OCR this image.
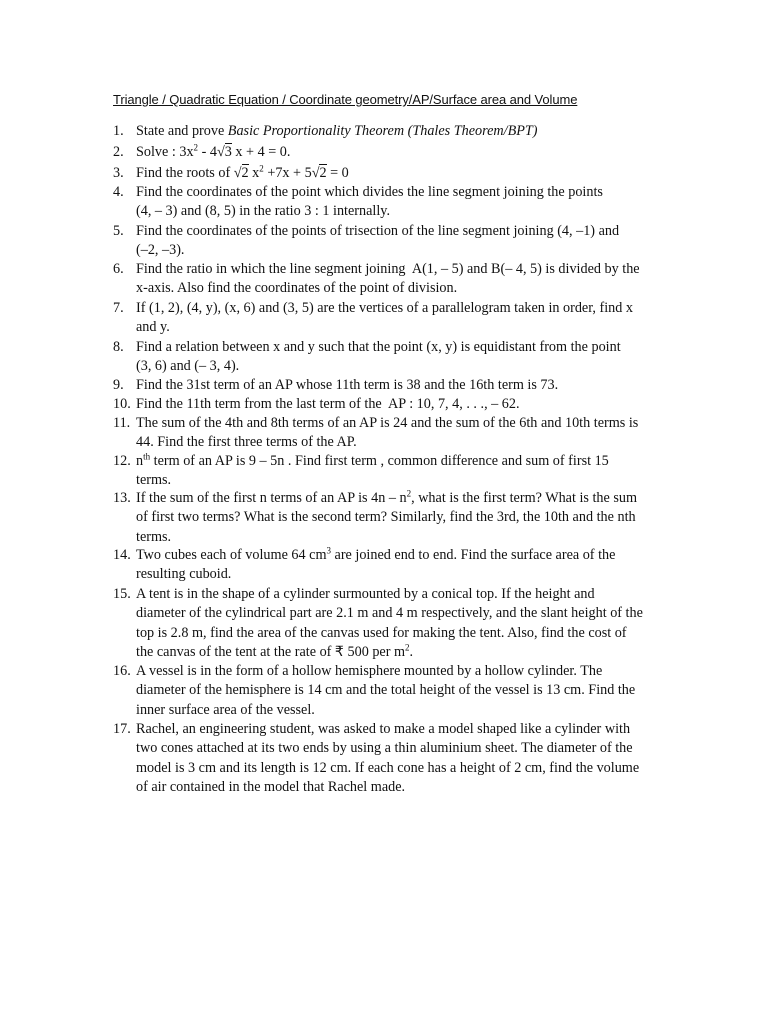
Triangle / Quadratic Equation / Coordinate geometry/AP/Surface area and Volume
1. State and prove Basic Proportionality Theorem (Thales Theorem/BPT)
2. Solve : $3x^2 - 4√3$ x + 4 = 0.
3. Find the roots of √2 $x^2 +7x + 5√2 = 0$
4. Find the coordinates of the point which divides the line segment joining the points
(4, – 3) and (8, 5) in the ratio 3 : 1 internally.
5. Find the coordinates of the points of trisection of the line segment joining (4, –1) and
(–2, –3).
6. Find the ratio in which the line segment joining  A(1, – 5) and B(– 4, 5) is divided by the
x-axis. Also find the coordinates of the point of division.
7. If (1, 2), (4, y), (x, 6) and (3, 5) are the vertices of a parallelogram taken in order, find x
and y.
8. Find a relation between x and y such that the point (x, y) is equidistant from the point
(3, 6) and (– 3, 4).
9. Find the 31st term of an AP whose 11th term is 38 and the 16th term is 73.
10. Find the 11th term from the last term of the  AP : 10, 7, 4, . . ., – 62.
11. The sum of the 4th and 8th terms of an AP is 24 and the sum of the 6th and 10th terms is
44. Find the first three terms of the AP.
12. $n^{th}$ term of an AP is 9 – 5n . Find first term , common difference and sum of first 15
terms.
13. If the sum of the first n terms of an AP is $4n - n^2$, what is the first term? What is the sum
of first two terms? What is the second term? Similarly, find the 3rd, the 10th and the nth
terms.
14. Two cubes each of volume 64 $cm^3$ are joined end to end. Find the surface area of the
resulting cuboid.
15. A tent is in the shape of a cylinder surmounted by a conical top. If the height and
diameter of the cylindrical part are 2.1 m and 4 m respectively, and the slant height of the
top is 2.8 m, find the area of the canvas used for making the tent. Also, find the cost of
the canvas of the tent at the rate of ₹ 500 per $m^2$.
16. A vessel is in the form of a hollow hemisphere mounted by a hollow cylinder. The
diameter of the hemisphere is 14 cm and the total height of the vessel is 13 cm. Find the
inner surface area of the vessel.
17. Rachel, an engineering student, was asked to make a model shaped like a cylinder with
two cones attached at its two ends by using a thin aluminium sheet. The diameter of the
model is 3 cm and its length is 12 cm. If each cone has a height of 2 cm, find the volume
of air contained in the model that Rachel made.
